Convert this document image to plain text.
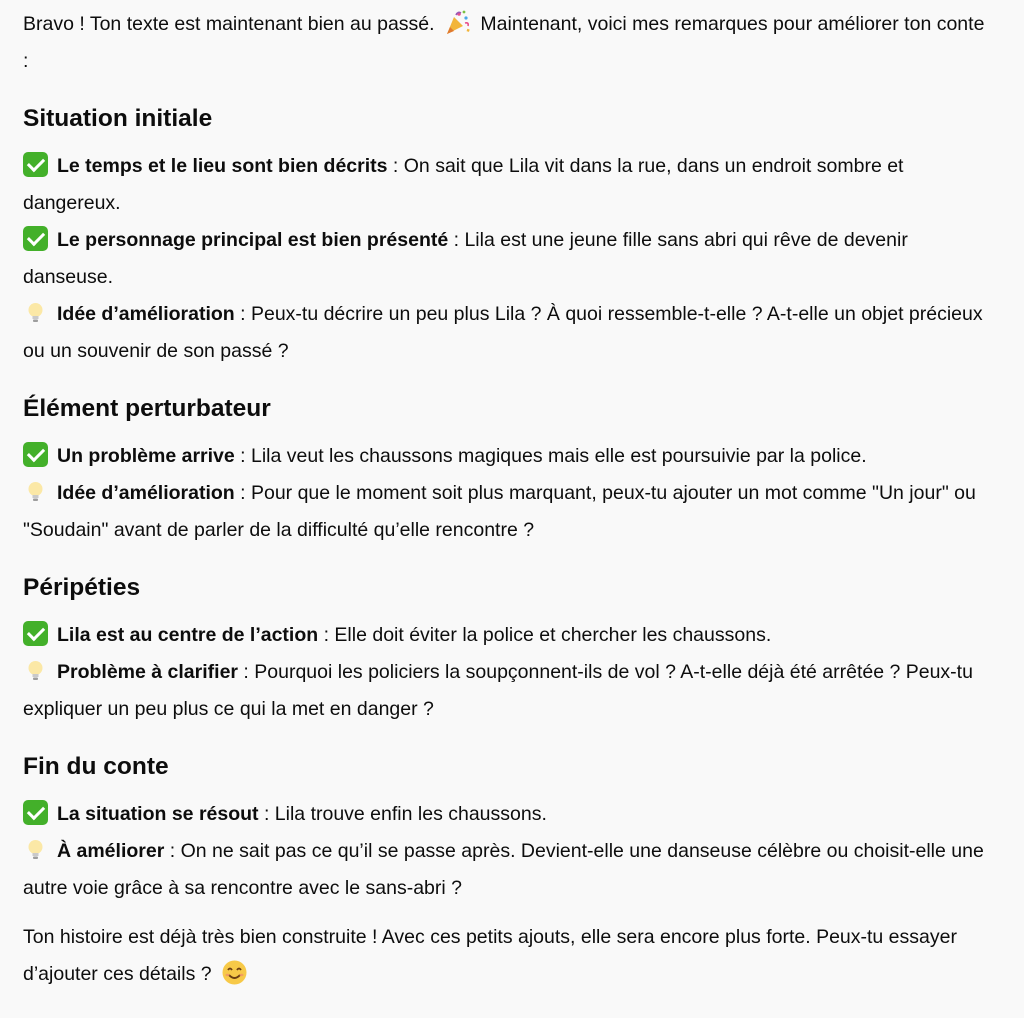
Bravo ! Ton texte est maintenant bien au passé. Maintenant, voici mes remarques pour améliorer ton conte :

Situation initiale

Le temps et le lieu sont bien décrits : On sait que Lila vit dans la rue, dans un endroit sombre et dangereux.

Le personnage principal est bien présenté : Lila est une jeune fille sans abri qui rêve de devenir danseuse.

Idée d’amélioration : Peux-tu décrire un peu plus Lila ? À quoi ressemble-t-elle ? A-t-elle un objet précieux ou un souvenir de son passé ?

Élément perturbateur

Un problème arrive : Lila veut les chaussons magiques mais elle est poursuivie par la police.

Idée d’amélioration : Pour que le moment soit plus marquant, peux-tu ajouter un mot comme "Un jour" ou "Soudain" avant de parler de la difficulté qu’elle rencontre ?

Péripéties

Lila est au centre de l’action : Elle doit éviter la police et chercher les chaussons.

Problème à clarifier : Pourquoi les policiers la soupçonnent-ils de vol ? A-t-elle déjà été arrêtée ? Peux-tu expliquer un peu plus ce qui la met en danger ?

Fin du conte

La situation se résout : Lila trouve enfin les chaussons.

À améliorer : On ne sait pas ce qu’il se passe après. Devient-elle une danseuse célèbre ou choisit-elle une autre voie grâce à sa rencontre avec le sans-abri ?

Ton histoire est déjà très bien construite ! Avec ces petits ajouts, elle sera encore plus forte. Peux-tu essayer d’ajouter ces détails ?
